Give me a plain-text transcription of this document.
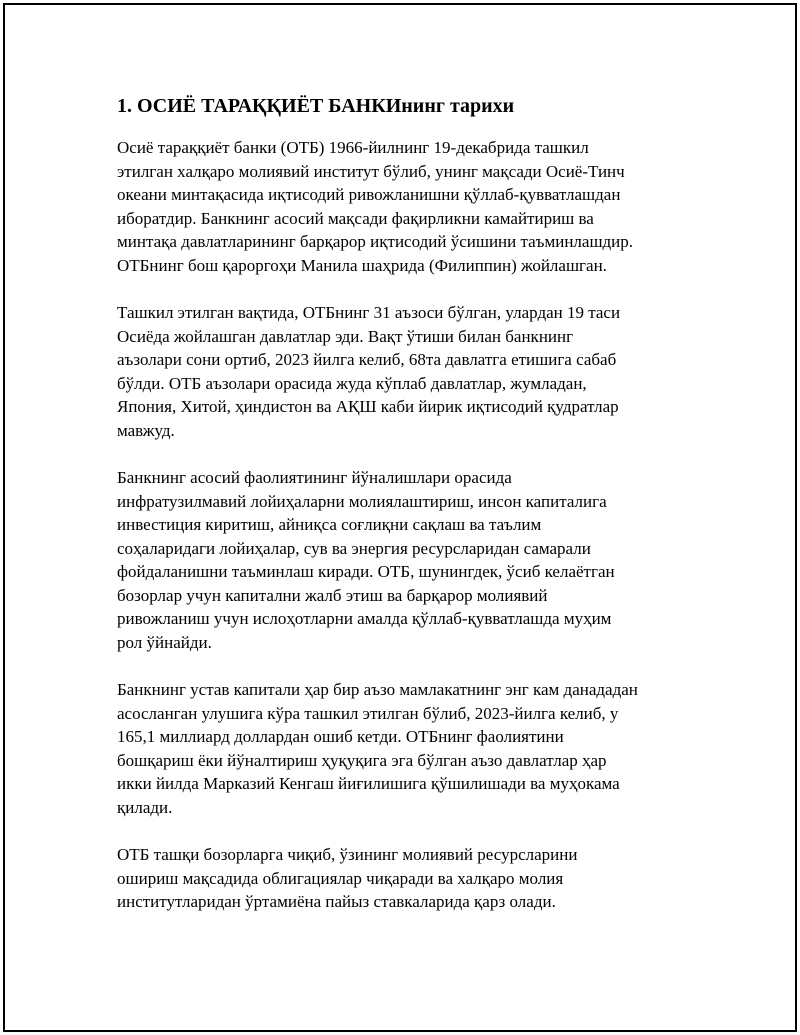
1. ОСИЁ ТАРАҚҚИЁТ БАНКИнинг тарихи

Осиё тараққиёт банки (ОТБ) 1966-йилнинг 19-декабрида ташкил
этилган халқаро молиявий институт бўлиб, унинг мақсади Осиё-Тинч
океани минтақасида иқтисодий ривожланишни қўллаб-қувватлашдан
иборатдир. Банкнинг асосий мақсади фақирликни камайтириш ва
минтақа давлатларининг барқарор иқтисодий ўсишини таъминлашдир.
ОТБнинг бош қароргоҳи Манила шаҳрида (Филиппин) жойлашган.

Ташкил этилган вақтида, ОТБнинг 31 аъзоси бўлган, улардан 19 таси
Осиёда жойлашган давлатлар эди. Вақт ўтиши билан банкнинг
аъзолари сони ортиб, 2023 йилга келиб, 68та давлатга етишига сабаб
бўлди. ОТБ аъзолари орасида жуда кўплаб давлатлар, жумладан,
Япония, Хитой, ҳиндистон ва АҚШ каби йирик иқтисодий қудратлар
мавжуд.

Банкнинг асосий фаолиятининг йўналишлари орасида
инфратузилмавий лойиҳаларни молиялаштириш, инсон капиталига
инвестиция киритиш, айниқса соғлиқни сақлаш ва таълим
соҳаларидаги лойиҳалар, сув ва энергия ресурсларидан самарали
фойдаланишни таъминлаш киради. ОТБ, шунингдек, ўсиб келаётган
бозорлар учун капитални жалб этиш ва барқарор молиявий
ривожланиш учун ислоҳотларни амалда қўллаб-қувватлашда муҳим
рол ўйнайди.

Банкнинг устав капитали ҳар бир аъзо мамлакатнинг энг кам данададан
асосланган улушига кўра ташкил этилган бўлиб, 2023-йилга келиб, у
165,1 миллиард доллардан ошиб кетди. ОТБнинг фаолиятини
бошқариш ёки йўналтириш ҳуқуқига эга бўлган аъзо давлатлар ҳар
икки йилда Марказий Кенгаш йиғилишига қўшилишади ва муҳокама
қилади.

ОТБ ташқи бозорларга чиқиб, ўзининг молиявий ресурсларини
ошириш мақсадида облигациялар чиқаради ва халқаро молия
институтларидан ўртамиёна пайыз ставкаларида қарз олади.
